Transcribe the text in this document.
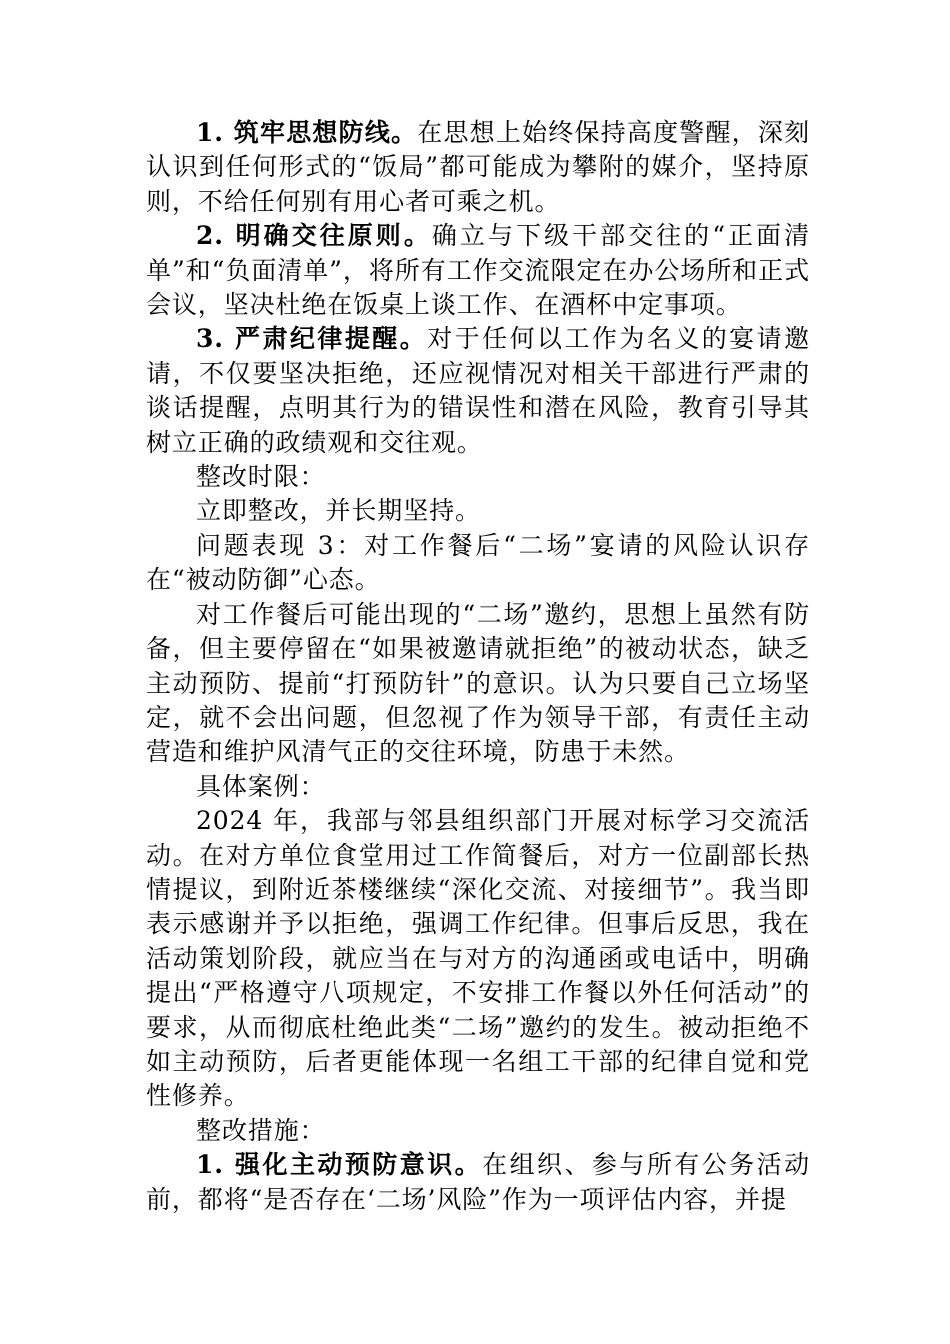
1. 筑牢思想防线。在思想上始终保持高度警醒，深刻认识到任何形式的“饭局”都可能成为攀附的媒介，坚持原则，不给任何别有用心者可乘之机。

2. 明确交往原则。确立与下级干部交往的“正面清单”和“负面清单”，将所有工作交流限定在办公场所和正式会议，坚决杜绝在饭桌上谈工作、在酒杯中定事项。

3. 严肃纪律提醒。对于任何以工作为名义的宴请邀请，不仅要坚决拒绝，还应视情况对相关干部进行严肃的谈话提醒，点明其行为的错误性和潜在风险，教育引导其树立正确的政绩观和交往观。

整改时限：

立即整改，并长期坚持。

问题表现 3：对工作餐后“二场”宴请的风险认识存在“被动防御”心态。

对工作餐后可能出现的“二场”邀约，思想上虽然有防备，但主要停留在“如果被邀请就拒绝”的被动状态，缺乏主动预防、提前“打预防针”的意识。认为只要自己立场坚定，就不会出问题，但忽视了作为领导干部，有责任主动营造和维护风清气正的交往环境，防患于未然。

具体案例：

2024 年，我部与邻县组织部门开展对标学习交流活动。在对方单位食堂用过工作简餐后，对方一位副部长热情提议，到附近茶楼继续“深化交流、对接细节”。我当即表示感谢并予以拒绝，强调工作纪律。但事后反思，我在活动策划阶段，就应当在与对方的沟通函或电话中，明确提出“严格遵守八项规定，不安排工作餐以外任何活动”的要求，从而彻底杜绝此类“二场”邀约的发生。被动拒绝不如主动预防，后者更能体现一名组工干部的纪律自觉和党性修养。

整改措施：

1. 强化主动预防意识。在组织、参与所有公务活动前，都将“是否存在‘二场’风险”作为一项评估内容，并提
